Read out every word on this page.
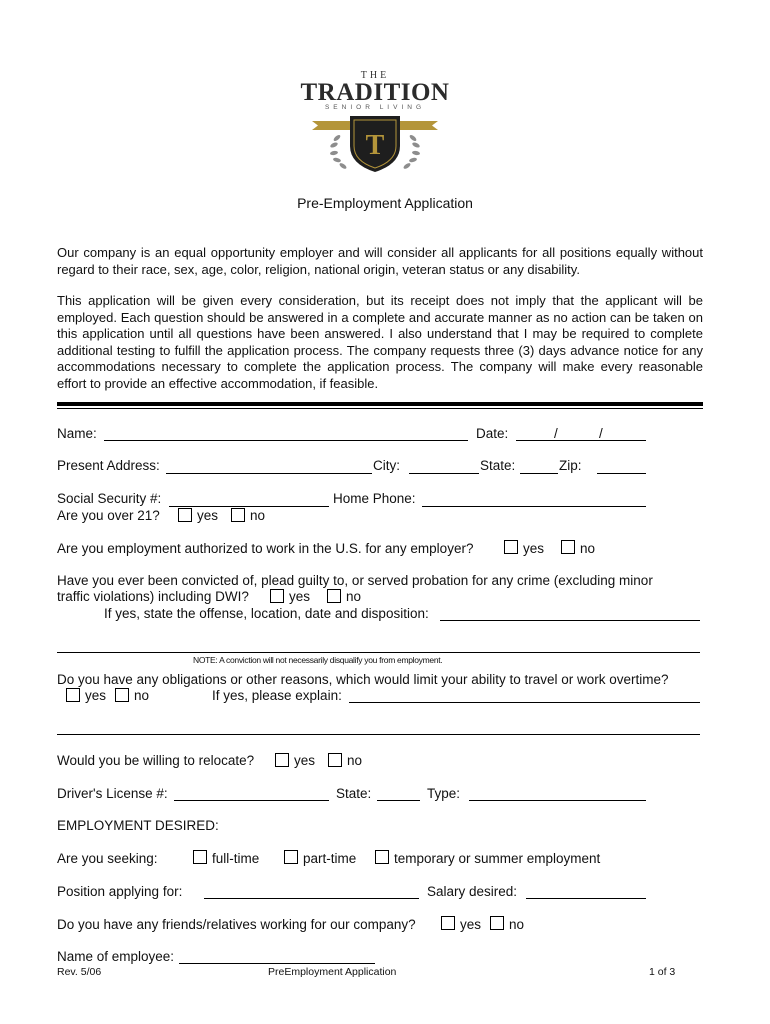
T
THE
TRADITION
SENIOR LIVING
Pre-Employment Application

Our company is an equal opportunity employer and will consider all applicants for all positions equally without regard to their race, sex, age, color, religion, national origin, veteran status or any disability.

This application will be given every consideration, but its receipt does not imply that the applicant will be employed. Each question should be answered in a complete and accurate manner as no action can be taken on this application until all questions have been answered. I also understand that I may be required to complete additional testing to fulfill the application process. The company requests three (3) days advance notice for any accommodations necessary to complete the application process. The company will make every reasonable effort to provide an effective accommodation, if feasible.

Name:	Date:	/	/
Present Address:	City:	State:	Zip:
Social Security #:	Home Phone:
Are you over 21?	yes no
Are you employment authorized to work in the U.S. for any employer?	yes	no
Have you ever been convicted of, plead guilty to, or served probation for any crime (excluding minor
traffic violations) including DWI?	yes	no
If yes, state the offense, location, date and disposition:
NOTE: A conviction will not necessarily disqualify you from employment.
Do you have any obligations or other reasons, which would limit your ability to travel or work overtime?
yes no	If yes, please explain:
Would you be willing to relocate?	yes no
Driver's License #:	State:	Type:
EMPLOYMENT DESIRED:
Are you seeking:	full-time	part-time	temporary or summer employment
Position applying for:	Salary desired:
Do you have any friends/relatives working for our company?	yes no
Name of employee:
Rev. 5/06	PreEmployment Application	1 of 3
